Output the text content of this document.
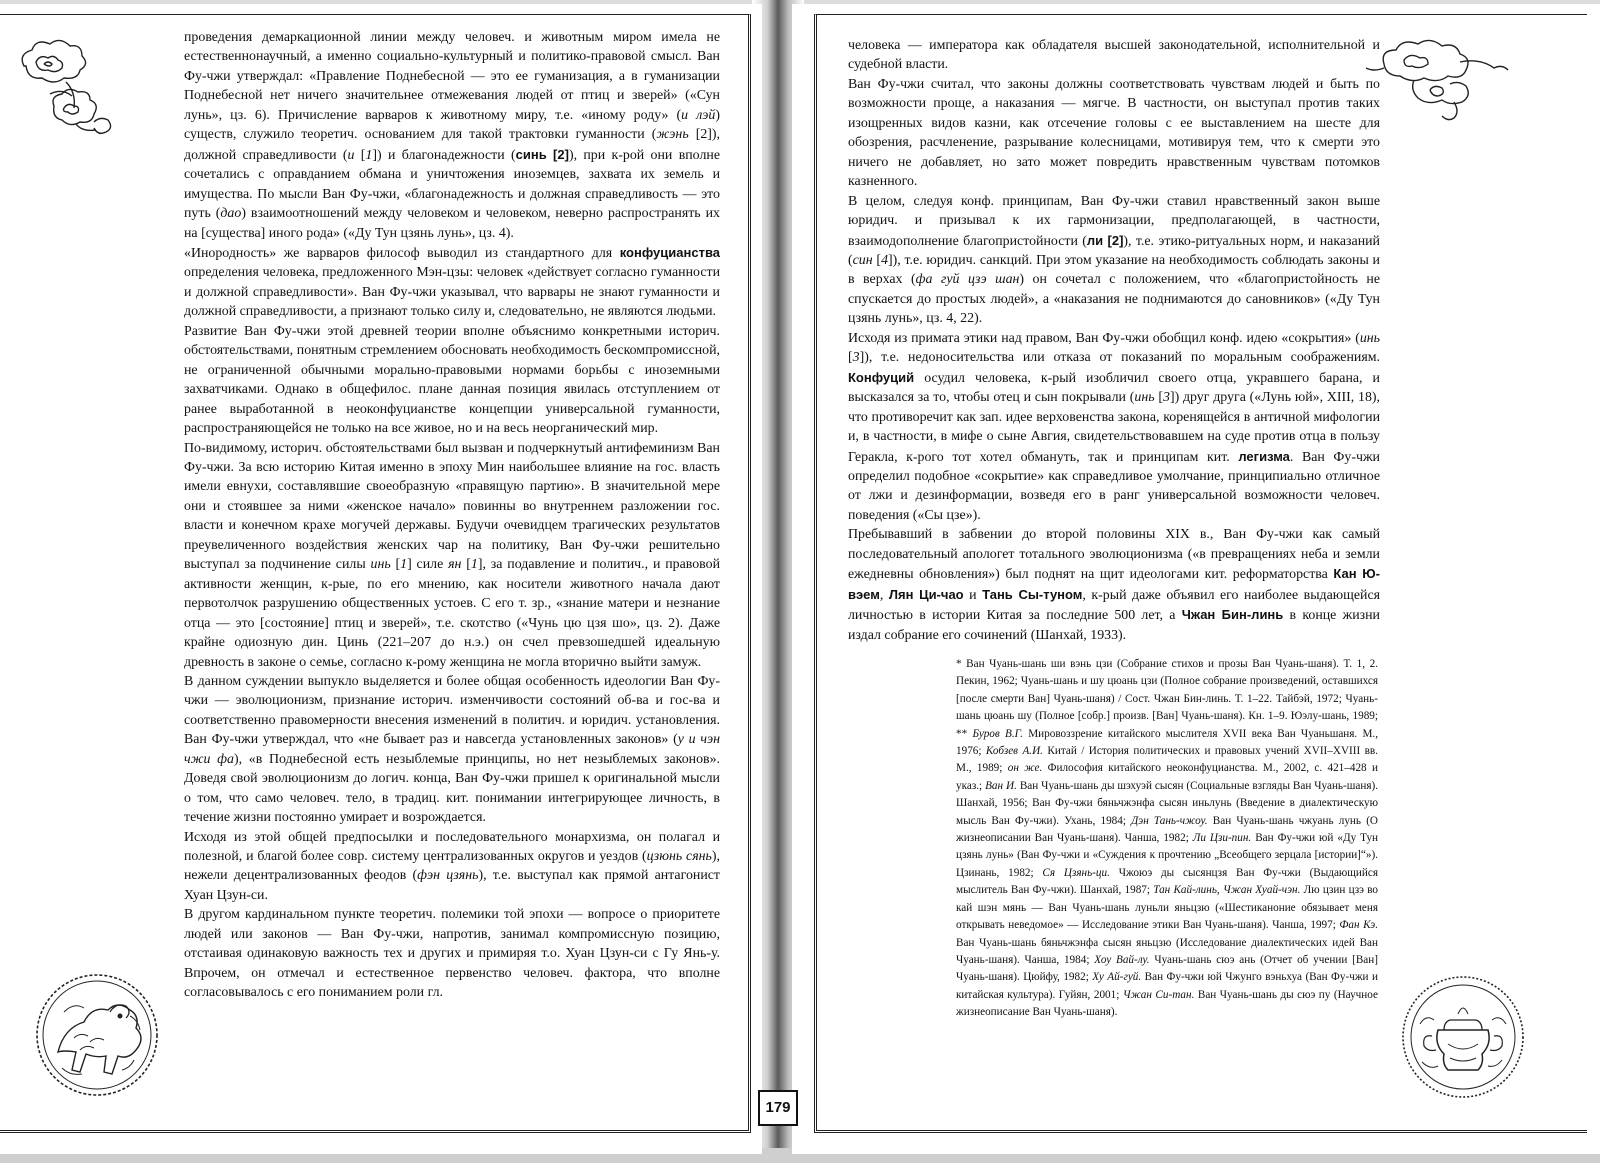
проведения демаркационной линии между человеч. и животным миром имела не естественнонаучный, а именно социально-культурный и политико-правовой смысл. Ван Фу-чжи утверждал: «Правление Поднебесной — это ее гуманизация, а в гуманизации Поднебесной нет ничего значительнее отмежевания людей от птиц и зверей» («Сун лунь», цз. 6). Причисление варваров к животному миру, т.е. «иному роду» (и лэй) существ, служило теоретич. основанием для такой трактовки гуманности (жэнь [2]), должной справедливости (и [1]) и благонадежности (синь [2]), при к-рой они вполне сочетались с оправданием обмана и уничтожения иноземцев, захвата их земель и имущества. По мысли Ван Фу-чжи, «благонадежность и должная справедливость — это путь (дао) взаимоотношений между человеком и человеком, неверно распространять их на [существа] иного рода» («Ду Тун цзянь лунь», цз. 4).

«Инородность» же варваров философ выводил из стандартного для конфуцианства определения человека, предложенного Мэн-цзы: человек «действует согласно гуманности и должной справедливости». Ван Фу-чжи указывал, что варвары не знают гуманности и должной справедливости, а признают только силу и, следовательно, не являются людьми.

Развитие Ван Фу-чжи этой древней теории вполне объяснимо конкретными историч. обстоятельствами, понятным стремлением обосновать необходимость бескомпромиссной, не ограниченной обычными морально-правовыми нормами борьбы с иноземными захватчиками. Однако в общефилос. плане данная позиция явилась отступлением от ранее выработанной в неоконфуцианстве концепции универсальной гуманности, распространяющейся не только на все живое, но и на весь неорганический мир.

По-видимому, историч. обстоятельствами был вызван и подчеркнутый антифеминизм Ван Фу-чжи. За всю историю Китая именно в эпоху Мин наибольшее влияние на гос. власть имели евнухи, составлявшие своеобразную «правящую партию». В значительной мере они и стоявшее за ними «женское начало» повинны во внутреннем разложении гос. власти и конечном крахе могучей державы. Будучи очевидцем трагических результатов преувеличенного воздействия женских чар на политику, Ван Фу-чжи решительно выступал за подчинение силы инь [1] силе ян [1], за подавление и политич., и правовой активности женщин, к-рые, по его мнению, как носители животного начала дают первотолчок разрушению общественных устоев. С его т. зр., «знание матери и незнание отца — это [состояние] птиц и зверей», т.е. скотство («Чунь цю цзя шо», цз. 2). Даже крайне одиозную дин. Цинь (221–207 до н.э.) он счел превзошедшей идеальную древность в законе о семье, согласно к-рому женщина не могла вторично выйти замуж.

В данном суждении выпукло выделяется и более общая особенность идеологии Ван Фу-чжи — эволюционизм, признание историч. изменчивости состояний об-ва и гос-ва и соответственно правомерности внесения изменений в политич. и юридич. установления. Ван Фу-чжи утверждал, что «не бывает раз и навсегда установленных законов» (у и чэн чжи фа), «в Поднебесной есть незыблемые принципы, но нет незыблемых законов». Доведя свой эволюционизм до логич. конца, Ван Фу-чжи пришел к оригинальной мысли о том, что само человеч. тело, в традиц. кит. понимании интегрирующее личность, в течение жизни постоянно умирает и возрождается.

Исходя из этой общей предпосылки и последовательного монархизма, он полагал и полезной, и благой более совр. систему централизованных округов и уездов (цзюнь сянь), нежели децентрализованных феодов (фэн цзянь), т.е. выступал как прямой антагонист Хуан Цзун-си.

В другом кардинальном пункте теоретич. полемики той эпохи — вопросе о приоритете людей или законов — Ван Фу-чжи, напротив, занимал компромиссную позицию, отстаивая одинаковую важность тех и других и примиряя т.о. Хуан Цзун-си с Гу Янь-у. Впрочем, он отмечал и естественное первенство человеч. фактора, что вполне согласовывалось с его пониманием роли гл.

человека — императора как обладателя высшей законодательной, исполнительной и судебной власти.

Ван Фу-чжи считал, что законы должны соответствовать чувствам людей и быть по возможности проще, а наказания — мягче. В частности, он выступал против таких изощренных видов казни, как отсечение головы с ее выставлением на шесте для обозрения, расчленение, разрывание колесницами, мотивируя тем, что к смерти это ничего не добавляет, но зато может повредить нравственным чувствам потомков казненного.

В целом, следуя конф. принципам, Ван Фу-чжи ставил нравственный закон выше юридич. и призывал к их гармонизации, предполагающей, в частности, взаимодополнение благопристойности (ли [2]), т.е. этико-ритуальных норм, и наказаний (син [4]), т.е. юридич. санкций. При этом указание на необходимость соблюдать законы и в верхах (фа гуй цзэ шан) он сочетал с положением, что «благопристойность не спускается до простых людей», а «наказания не поднимаются до сановников» («Ду Тун цзянь лунь», цз. 4, 22).

Исходя из примата этики над правом, Ван Фу-чжи обобщил конф. идею «сокрытия» (инь [3]), т.е. недоносительства или отказа от показаний по моральным соображениям. Конфуций осудил человека, к-рый изобличил своего отца, укравшего барана, и высказался за то, чтобы отец и сын покрывали (инь [3]) друг друга («Лунь юй», XIII, 18), что противоречит как зап. идее верховенства закона, коренящейся в античной мифологии и, в частности, в мифе о сыне Авгия, свидетельствовавшем на суде против отца в пользу Геракла, к-рого тот хотел обмануть, так и принципам кит. легизма. Ван Фу-чжи определил подобное «сокрытие» как справедливое умолчание, принципиально отличное от лжи и дезинформации, возведя его в ранг универсальной возможности человеч. поведения («Сы цзе»).

Пребывавший в забвении до второй половины XIX в., Ван Фу-чжи как самый последовательный апологет тотального эволюционизма («в превращениях неба и земли ежедневны обновления») был поднят на щит идеологами кит. реформаторства Кан Ю-вэем, Лян Ци-чао и Тань Сы-туном, к-рый даже объявил его наиболее выдающейся личностью в истории Китая за последние 500 лет, а Чжан Бин-линь в конце жизни издал собрание его сочинений (Шанхай, 1933).

* Ван Чуань-шань ши вэнь цзи (Собрание стихов и прозы Ван Чуань-шаня). Т. 1, 2. Пекин, 1962; Чуань-шань и шу цюань цзи (Полное собрание произведений, оставшихся [после смерти Ван] Чуань-шаня) / Сост. Чжан Бин-линь. Т. 1–22. Тайбэй, 1972; Чуань-шань цюань шу (Полное [собр.] произв. [Ван] Чуань-шаня). Кн. 1–9. Юэлу-шань, 1989; ** Буров В.Г. Мировоззрение китайского мыслителя XVII века Ван Чуаньшаня. М., 1976; Кобзев А.И. Китай / История политических и правовых учений XVII–XVIII вв. М., 1989; он же. Философия китайского неоконфуцианства. М., 2002, с. 421–428 и указ.; Ван И. Ван Чуань-шань ды шэхуэй сысян (Социальные взгляды Ван Чуань-шаня). Шанхай, 1956; Ван Фу-чжи бяньчжэнфа сысян иньлунь (Введение в диалектическую мысль Ван Фу-чжи). Ухань, 1984; Дэн Тань-чжоу. Ван Чуань-шань чжуань лунь (О жизнеописании Ван Чуань-шаня). Чанша, 1982; Ли Цзи-пин. Ван Фу-чжи юй «Ду Тун цзянь лунь» (Ван Фу-чжи и «Суждения к прочтению „Всеобщего зерцала [истории]“»). Цзинань, 1982; Ся Цзянь-ци. Чжоюэ ды сысянцзя Ван Фу-чжи (Выдающийся мыслитель Ван Фу-чжи). Шанхай, 1987; Тан Кай-линь, Чжан Хуай-чэн. Лю цзин цзэ во кай шэн мянь — Ван Чуань-шань луньли яньцзю («Шестиканоние обязывает меня открывать неведомое» — Исследование этики Ван Чуань-шаня). Чанша, 1997; Фан Кэ. Ван Чуань-шань бяньчжэнфа сысян яньцзю (Исследование диалектических идей Ван Чуань-шаня). Чанша, 1984; Хоу Вай-лу. Чуань-шань сюэ ань (Отчет об учении [Ван] Чуань-шаня). Цюйфу, 1982; Ху Ай-гуй. Ван Фу-чжи юй Чжунго вэньхуа (Ван Фу-чжи и китайская культура). Гуйян, 2001; Чжан Си-тан. Ван Чуань-шань ды сюэ пу (Научное жизнеописание Ван Чуань-шаня).
179
